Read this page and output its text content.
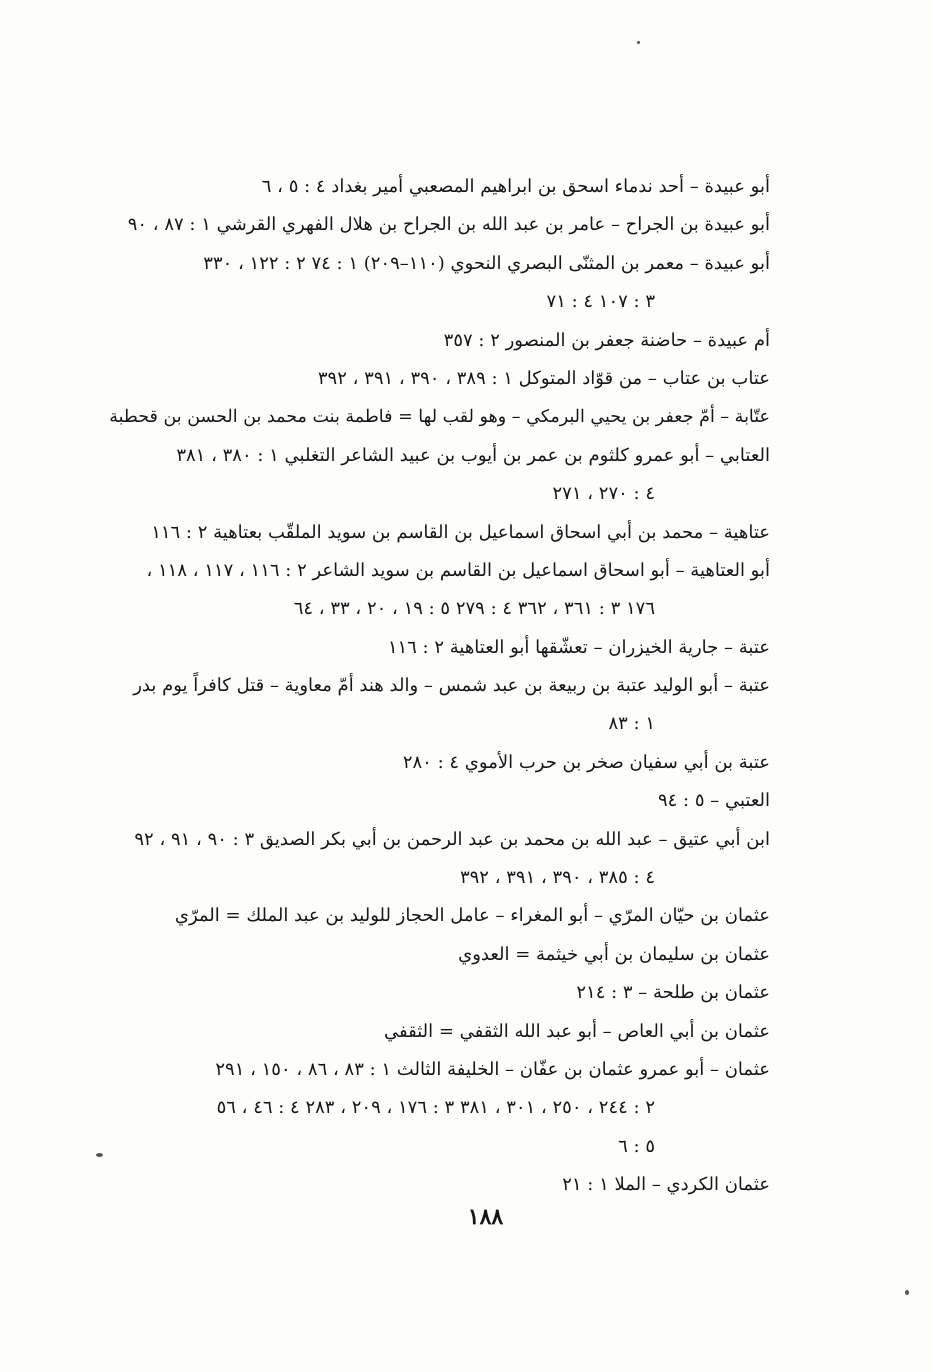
أبو عبيدة – أحد ندماء اسحق بن ابراهيم المصعبي أمير بغداد ٤ : ٥ ، ٦
أبو عبيدة بن الجراح – عامر بن عبد الله بن الجراح بن هلال الفهري القرشي ١ : ٨٧ ، ٩٠
أبو عبيدة – معمر بن المثنّى البصري النحوي (١١٠–٢٠٩) ١ : ٧٤ ٢ : ١٢٢ ، ٣٣٠
٣ : ١٠٧ ٤ : ٧١
أم عبيدة – حاضنة جعفر بن المنصور ٢ : ٣٥٧
عتاب بن عتاب – من قوّاد المتوكل ١ : ٣٨٩ ، ٣٩٠ ، ٣٩١ ، ٣٩٢
عتّابة – أمّ جعفر بن يحيي البرمكي – وهو لقب لها = فاطمة بنت محمد بن الحسن بن قحطبة
العتابي – أبو عمرو كلثوم بن عمر بن أيوب بن عبيد الشاعر التغلبي ١ : ٣٨٠ ، ٣٨١
٤ : ٢٧٠ ، ٢٧١
عتاهية – محمد بن أبي اسحاق اسماعيل بن القاسم بن سويد الملقّب بعتاهية ٢ : ١١٦
أبو العتاهية – أبو اسحاق اسماعيل بن القاسم بن سويد الشاعر ٢ : ١١٦ ، ١١٧ ، ١١٨ ،
١٧٦ ٣ : ٣٦١ ، ٣٦٢ ٤ : ٢٧٩ ٥ : ١٩ ، ٢٠ ، ٣٣ ، ٦٤
عتبة – جارية الخيزران – تعشّقها أبو العتاهية ٢ : ١١٦
عتبة – أبو الوليد عتبة بن ربيعة بن عبد شمس – والد هند أمّ معاوية – قتل كافراً يوم بدر
١ : ٨٣
عتبة بن أبي سفيان صخر بن حرب الأموي ٤ : ٢٨٠
العتبي – ٥ : ٩٤
ابن أبي عتيق – عبد الله بن محمد بن عبد الرحمن بن أبي بكر الصديق ٣ : ٩٠ ، ٩١ ، ٩٢
٤ : ٣٨٥ ، ٣٩٠ ، ٣٩١ ، ٣٩٢
عثمان بن حيّان المرّي – أبو المغراء – عامل الحجاز للوليد بن عبد الملك = المرّي
عثمان بن سليمان بن أبي خيثمة = العدوي
عثمان بن طلحة – ٣ : ٢١٤
عثمان بن أبي العاص – أبو عبد الله الثقفي = الثقفي
عثمان – أبو عمرو عثمان بن عفّان – الخليفة الثالث ١ : ٨٣ ، ٨٦ ، ١٥٠ ، ٢٩١
٢ : ٢٤٤ ، ٢٥٠ ، ٣٠١ ، ٣٨١ ٣ : ١٧٦ ، ٢٠٩ ، ٢٨٣ ٤ : ٤٦ ، ٥٦
٥ : ٦
عثمان الكردي – الملا ١ : ٢١
١٨٨
